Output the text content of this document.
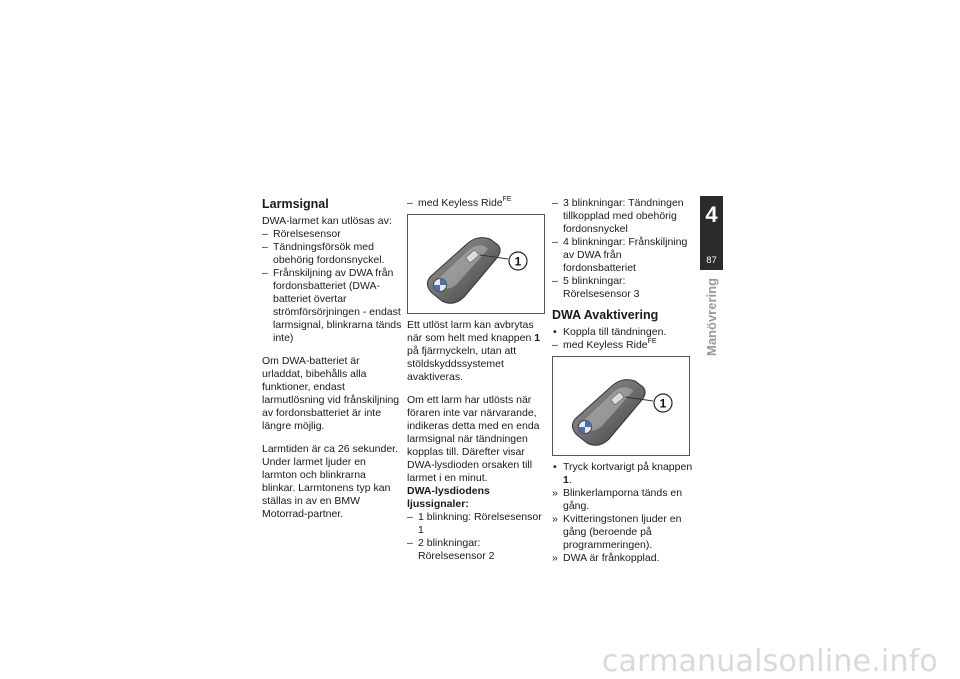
Larmsignal

DWA-larmet kan utlösas av:

– Rörelsesensor
– Tändningsförsök med obehörig fordonsnyckel.
– Frånskiljning av DWA från fordonsbatteriet (DWA-batteriet övertar strömförsörjningen - endast larmsignal, blinkrarna tänds inte)

Om DWA-batteriet är urladdat, bibehålls alla funktioner, endast larmutlösning vid frånskiljning av fordonsbatteriet är inte längre möjlig.

Larmtiden är ca 26 sekunder. Under larmet ljuder en larmton och blinkrarna blinkar. Larmtonens typ kan ställas in av en BMW Motorrad-partner.

– med Keyless Ride$^{FE}$
1

Ett utlöst larm kan avbrytas när som helt med knappen 1 på fjärrnyckeln, utan att stöldskyddssystemet avaktiveras.

Om ett larm har utlösts när föraren inte var närvarande, indikeras detta med en enda larmsignal när tändningen kopplas till. Därefter visar DWA-lysdioden orsaken till larmet i en minut.

DWA-lysdiodens ljussignaler:
– 1 blinkning: Rörelsesensor 1
– 2 blinkningar: Rörelsesensor 2
– 3 blinkningar: Tändningen tillkopplad med obehörig fordonsnyckel
– 4 blinkningar: Frånskiljning av DWA från fordonsbatteriet
– 5 blinkningar: Rörelsesensor 3
DWA Avaktivering
• Koppla till tändningen.
– med Keyless Ride$^{FE}$
1
• Tryck kortvarigt på knappen 1.
» Blinkerlamporna tänds en gång.
» Kvitteringstonen ljuder en gång (beroende på programmeringen).
» DWA är frånkopplad.
4
87
Manövrering
carmanualsonline.info
